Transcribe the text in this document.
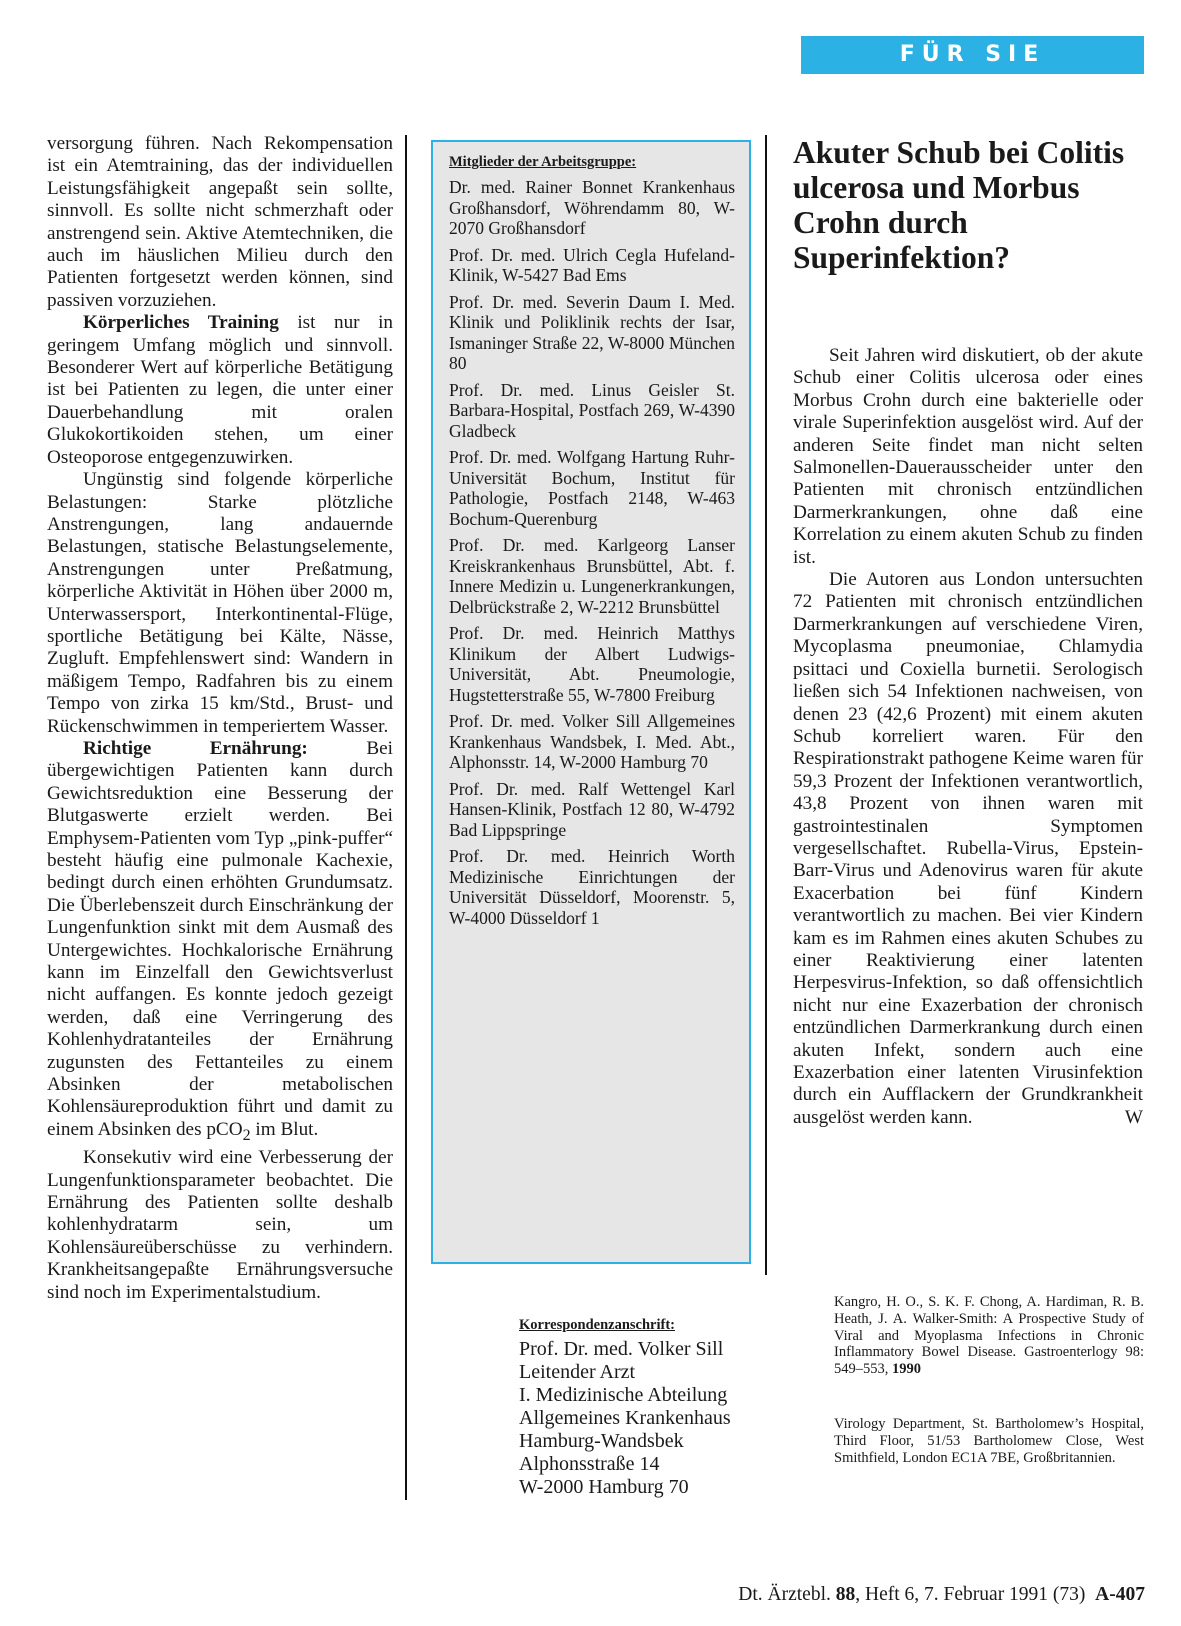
FÜR SIE REFERIERT

versorgung führen. Nach Rekompensation ist ein Atemtraining, das der individuellen Leistungsfähigkeit angepaßt sein sollte, sinnvoll. Es sollte nicht schmerzhaft oder anstrengend sein. Aktive Atemtechniken, die auch im häuslichen Milieu durch den Patienten fortgesetzt werden können, sind passiven vorzuziehen.

Körperliches Training ist nur in geringem Umfang möglich und sinnvoll. Besonderer Wert auf körperliche Betätigung ist bei Patienten zu legen, die unter einer Dauerbehandlung mit oralen Glukokortikoiden stehen, um einer Osteoporose entgegenzuwirken.

Ungünstig sind folgende körperliche Belastungen: Starke plötzliche Anstrengungen, lang andauernde Belastungen, statische Belastungselemente, Anstrengungen unter Preßatmung, körperliche Aktivität in Höhen über 2000 m, Unterwassersport, Interkontinental-Flüge, sportliche Betätigung bei Kälte, Nässe, Zugluft. Empfehlenswert sind: Wandern in mäßigem Tempo, Radfahren bis zu einem Tempo von zirka 15 km/Std., Brust- und Rückenschwimmen in temperiertem Wasser.

Richtige Ernährung: Bei übergewichtigen Patienten kann durch Gewichtsreduktion eine Besserung der Blutgaswerte erzielt werden. Bei Emphysem-Patienten vom Typ „pink-puffer“ besteht häufig eine pulmonale Kachexie, bedingt durch einen erhöhten Grundumsatz. Die Überlebenszeit durch Einschränkung der Lungenfunktion sinkt mit dem Ausmaß des Untergewichtes. Hochkalorische Ernährung kann im Einzelfall den Gewichtsverlust nicht auffangen. Es konnte jedoch gezeigt werden, daß eine Verringerung des Kohlenhydratanteiles der Ernährung zugunsten des Fettanteiles zu einem Absinken der metabolischen Kohlensäureproduktion führt und damit zu einem Absinken des pCO$_2$ im Blut.

Konsekutiv wird eine Verbesserung der Lungenfunktionsparameter beobachtet. Die Ernährung des Patienten sollte deshalb kohlenhydratarm sein, um Kohlensäureüberschüsse zu verhindern. Krankheitsangepaßte Ernährungsversuche sind noch im Experimentalstudium.

Mitglieder der Arbeitsgruppe:
Dr. med. Rainer Bonnet Krankenhaus Großhansdorf, Wöhrendamm 80, W-2070 Großhansdorf
Prof. Dr. med. Ulrich Cegla Hufeland-Klinik, W-5427 Bad Ems
Prof. Dr. med. Severin Daum I. Med. Klinik und Poliklinik rechts der Isar, Ismaninger Straße 22, W-8000 München 80
Prof. Dr. med. Linus Geisler St. Barbara-Hospital, Postfach 269, W-4390 Gladbeck
Prof. Dr. med. Wolfgang Hartung Ruhr-Universität Bochum, Institut für Pathologie, Postfach 2148, W-463 Bochum-Querenburg
Prof. Dr. med. Karlgeorg Lanser Kreiskrankenhaus Brunsbüttel, Abt. f. Innere Medizin u. Lungenerkrankungen, Delbrückstraße 2, W-2212 Brunsbüttel
Prof. Dr. med. Heinrich Matthys Klinikum der Albert Ludwigs-Universität, Abt. Pneumologie, Hugstetterstraße 55, W-7800 Freiburg
Prof. Dr. med. Volker Sill Allgemeines Krankenhaus Wandsbek, I. Med. Abt., Alphonsstr. 14, W-2000 Hamburg 70
Prof. Dr. med. Ralf Wettengel Karl Hansen-Klinik, Postfach 12 80, W-4792 Bad Lippspringe
Prof. Dr. med. Heinrich Worth Medizinische Einrichtungen der Universität Düsseldorf, Moorenstr. 5, W-4000 Düsseldorf 1
Korrespondenzanschrift:
Prof. Dr. med. Volker Sill
Leitender Arzt
I. Medizinische Abteilung
Allgemeines Krankenhaus
Hamburg-Wandsbek
Alphonsstraße 14
W-2000 Hamburg 70
Akuter Schub bei Colitis ulcerosa und Morbus Crohn durch Superinfektion?

Seit Jahren wird diskutiert, ob der akute Schub einer Colitis ulcerosa oder eines Morbus Crohn durch eine bakterielle oder virale Superinfektion ausgelöst wird. Auf der anderen Seite findet man nicht selten Salmonellen-Dauerausscheider unter den Patienten mit chronisch entzündlichen Darmerkrankungen, ohne daß eine Korrelation zu einem akuten Schub zu finden ist.

Die Autoren aus London untersuchten 72 Patienten mit chronisch entzündlichen Darmerkrankungen auf verschiedene Viren, Mycoplasma pneumoniae, Chlamydia psittaci und Coxiella burnetii. Serologisch ließen sich 54 Infektionen nachweisen, von denen 23 (42,6 Prozent) mit einem akuten Schub korreliert waren. Für den Respirationstrakt pathogene Keime waren für 59,3 Prozent der Infektionen verantwortlich, 43,8 Prozent von ihnen waren mit gastrointestinalen Symptomen vergesellschaftet. Rubella-Virus, Epstein-Barr-Virus und Adenovirus waren für akute Exacerbation bei fünf Kindern verantwortlich zu machen. Bei vier Kindern kam es im Rahmen eines akuten Schubes zu einer Reaktivierung einer latenten Herpesvirus-Infektion, so daß offensichtlich nicht nur eine Exazerbation der chronisch entzündlichen Darmerkrankung durch einen akuten Infekt, sondern auch eine Exazerbation einer latenten Virusinfektion durch ein Aufflackern der Grundkrankheit ausgelöst werden kann.	W

Kangro, H. O., S. K. F. Chong, A. Hardiman, R. B. Heath, J. A. Walker-Smith: A Prospective Study of Viral and Myoplasma Infections in Chronic Inflammatory Bowel Disease. Gastroenterlogy 98: 549–553, 1990
Virology Department, St. Bartholomew’s Hospital, Third Floor, 51/53 Bartholomew Close, West Smithfield, London EC1A 7BE, Großbritannien.
Dt. Ärztebl. 88, Heft 6, 7. Februar 1991 (73) A-407
